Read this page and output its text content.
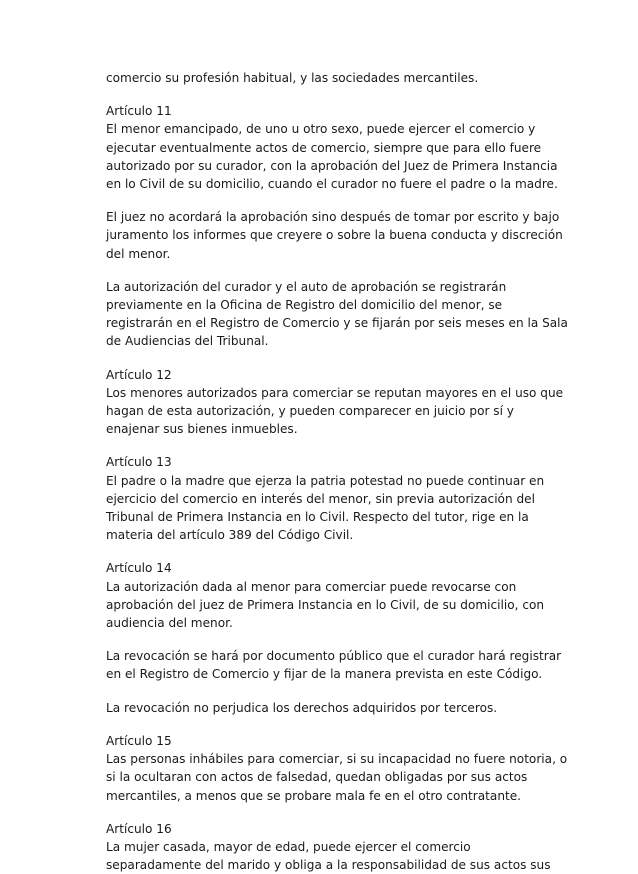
comercio su profesión habitual, y las sociedades mercantiles.
Artículo 11
El menor emancipado, de uno u otro sexo, puede ejercer el comercio y
ejecutar eventualmente actos de comercio, siempre que para ello fuere
autorizado por su curador, con la aprobación del Juez de Primera Instancia
en lo Civil de su domicilio, cuando el curador no fuere el padre o la madre.
El juez no acordará la aprobación sino después de tomar por escrito y bajo
juramento los informes que creyere o sobre la buena conducta y discreción
del menor.
La autorización del curador y el auto de aprobación se registrarán
previamente en la Oficina de Registro del domicilio del menor, se
registrarán en el Registro de Comercio y se fijarán por seis meses en la Sala
de Audiencias del Tribunal.
Artículo 12
Los menores autorizados para comerciar se reputan mayores en el uso que
hagan de esta autorización, y pueden comparecer en juicio por sí y
enajenar sus bienes inmuebles.
Artículo 13
El padre o la madre que ejerza la patria potestad no puede continuar en
ejercicio del comercio en interés del menor, sin previa autorización del
Tribunal de Primera Instancia en lo Civil. Respecto del tutor, rige en la
materia del artículo 389 del Código Civil.
Artículo 14
La autorización dada al menor para comerciar puede revocarse con
aprobación del juez de Primera Instancia en lo Civil, de su domicilio, con
audiencia del menor.
La revocación se hará por documento público que el curador hará registrar
en el Registro de Comercio y fijar de la manera prevista en este Código.
La revocación no perjudica los derechos adquiridos por terceros.
Artículo 15
Las personas inhábiles para comerciar, si su incapacidad no fuere notoria, o
si la ocultaran con actos de falsedad, quedan obligadas por sus actos
mercantiles, a menos que se probare mala fe en el otro contratante.
Artículo 16
La mujer casada, mayor de edad, puede ejercer el comercio
separadamente del marido y obliga a la responsabilidad de sus actos sus
